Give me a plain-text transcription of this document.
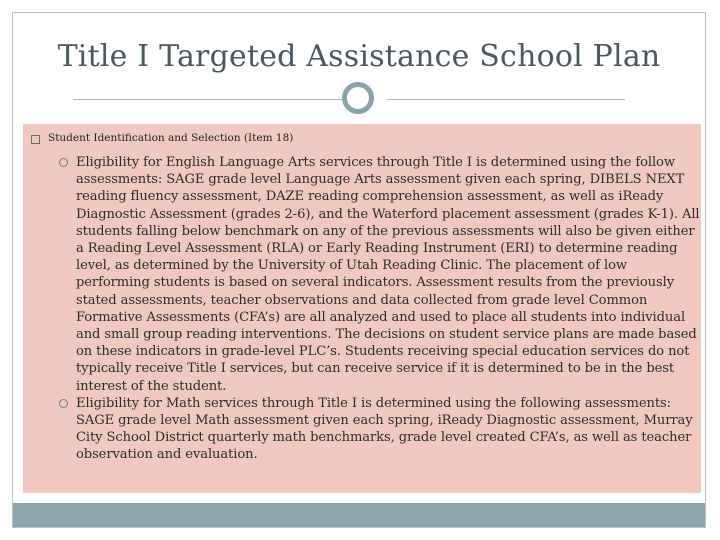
Title I Targeted Assistance School Plan
Student Identification and Selection (Item 18)
Eligibility for English Language Arts services through Title I is determined using the follow assessments: SAGE grade level Language Arts assessment given each spring, DIBELS NEXT reading fluency assessment, DAZE reading comprehension assessment, as well as iReady Diagnostic Assessment (grades 2-6), and the Waterford placement assessment (grades K-1). All students falling below benchmark on any of the previous assessments will also be given either a Reading Level Assessment (RLA) or Early Reading Instrument (ERI) to determine reading level, as determined by the University of Utah Reading Clinic. The placement of low performing students is based on several indicators. Assessment results from the previously stated assessments, teacher observations and data collected from grade level Common Formative Assessments (CFA’s) are all analyzed and used to place all students into individual and small group reading interventions. The decisions on student service plans are made based on these indicators in grade-level PLC’s. Students receiving special education services do not typically receive Title I services, but can receive service if it is determined to be in the best interest of the student.
Eligibility for Math services through Title I is determined using the following assessments: SAGE grade level Math assessment given each spring, iReady Diagnostic assessment, Murray City School District quarterly math benchmarks, grade level created CFA’s, as well as teacher observation and evaluation.
